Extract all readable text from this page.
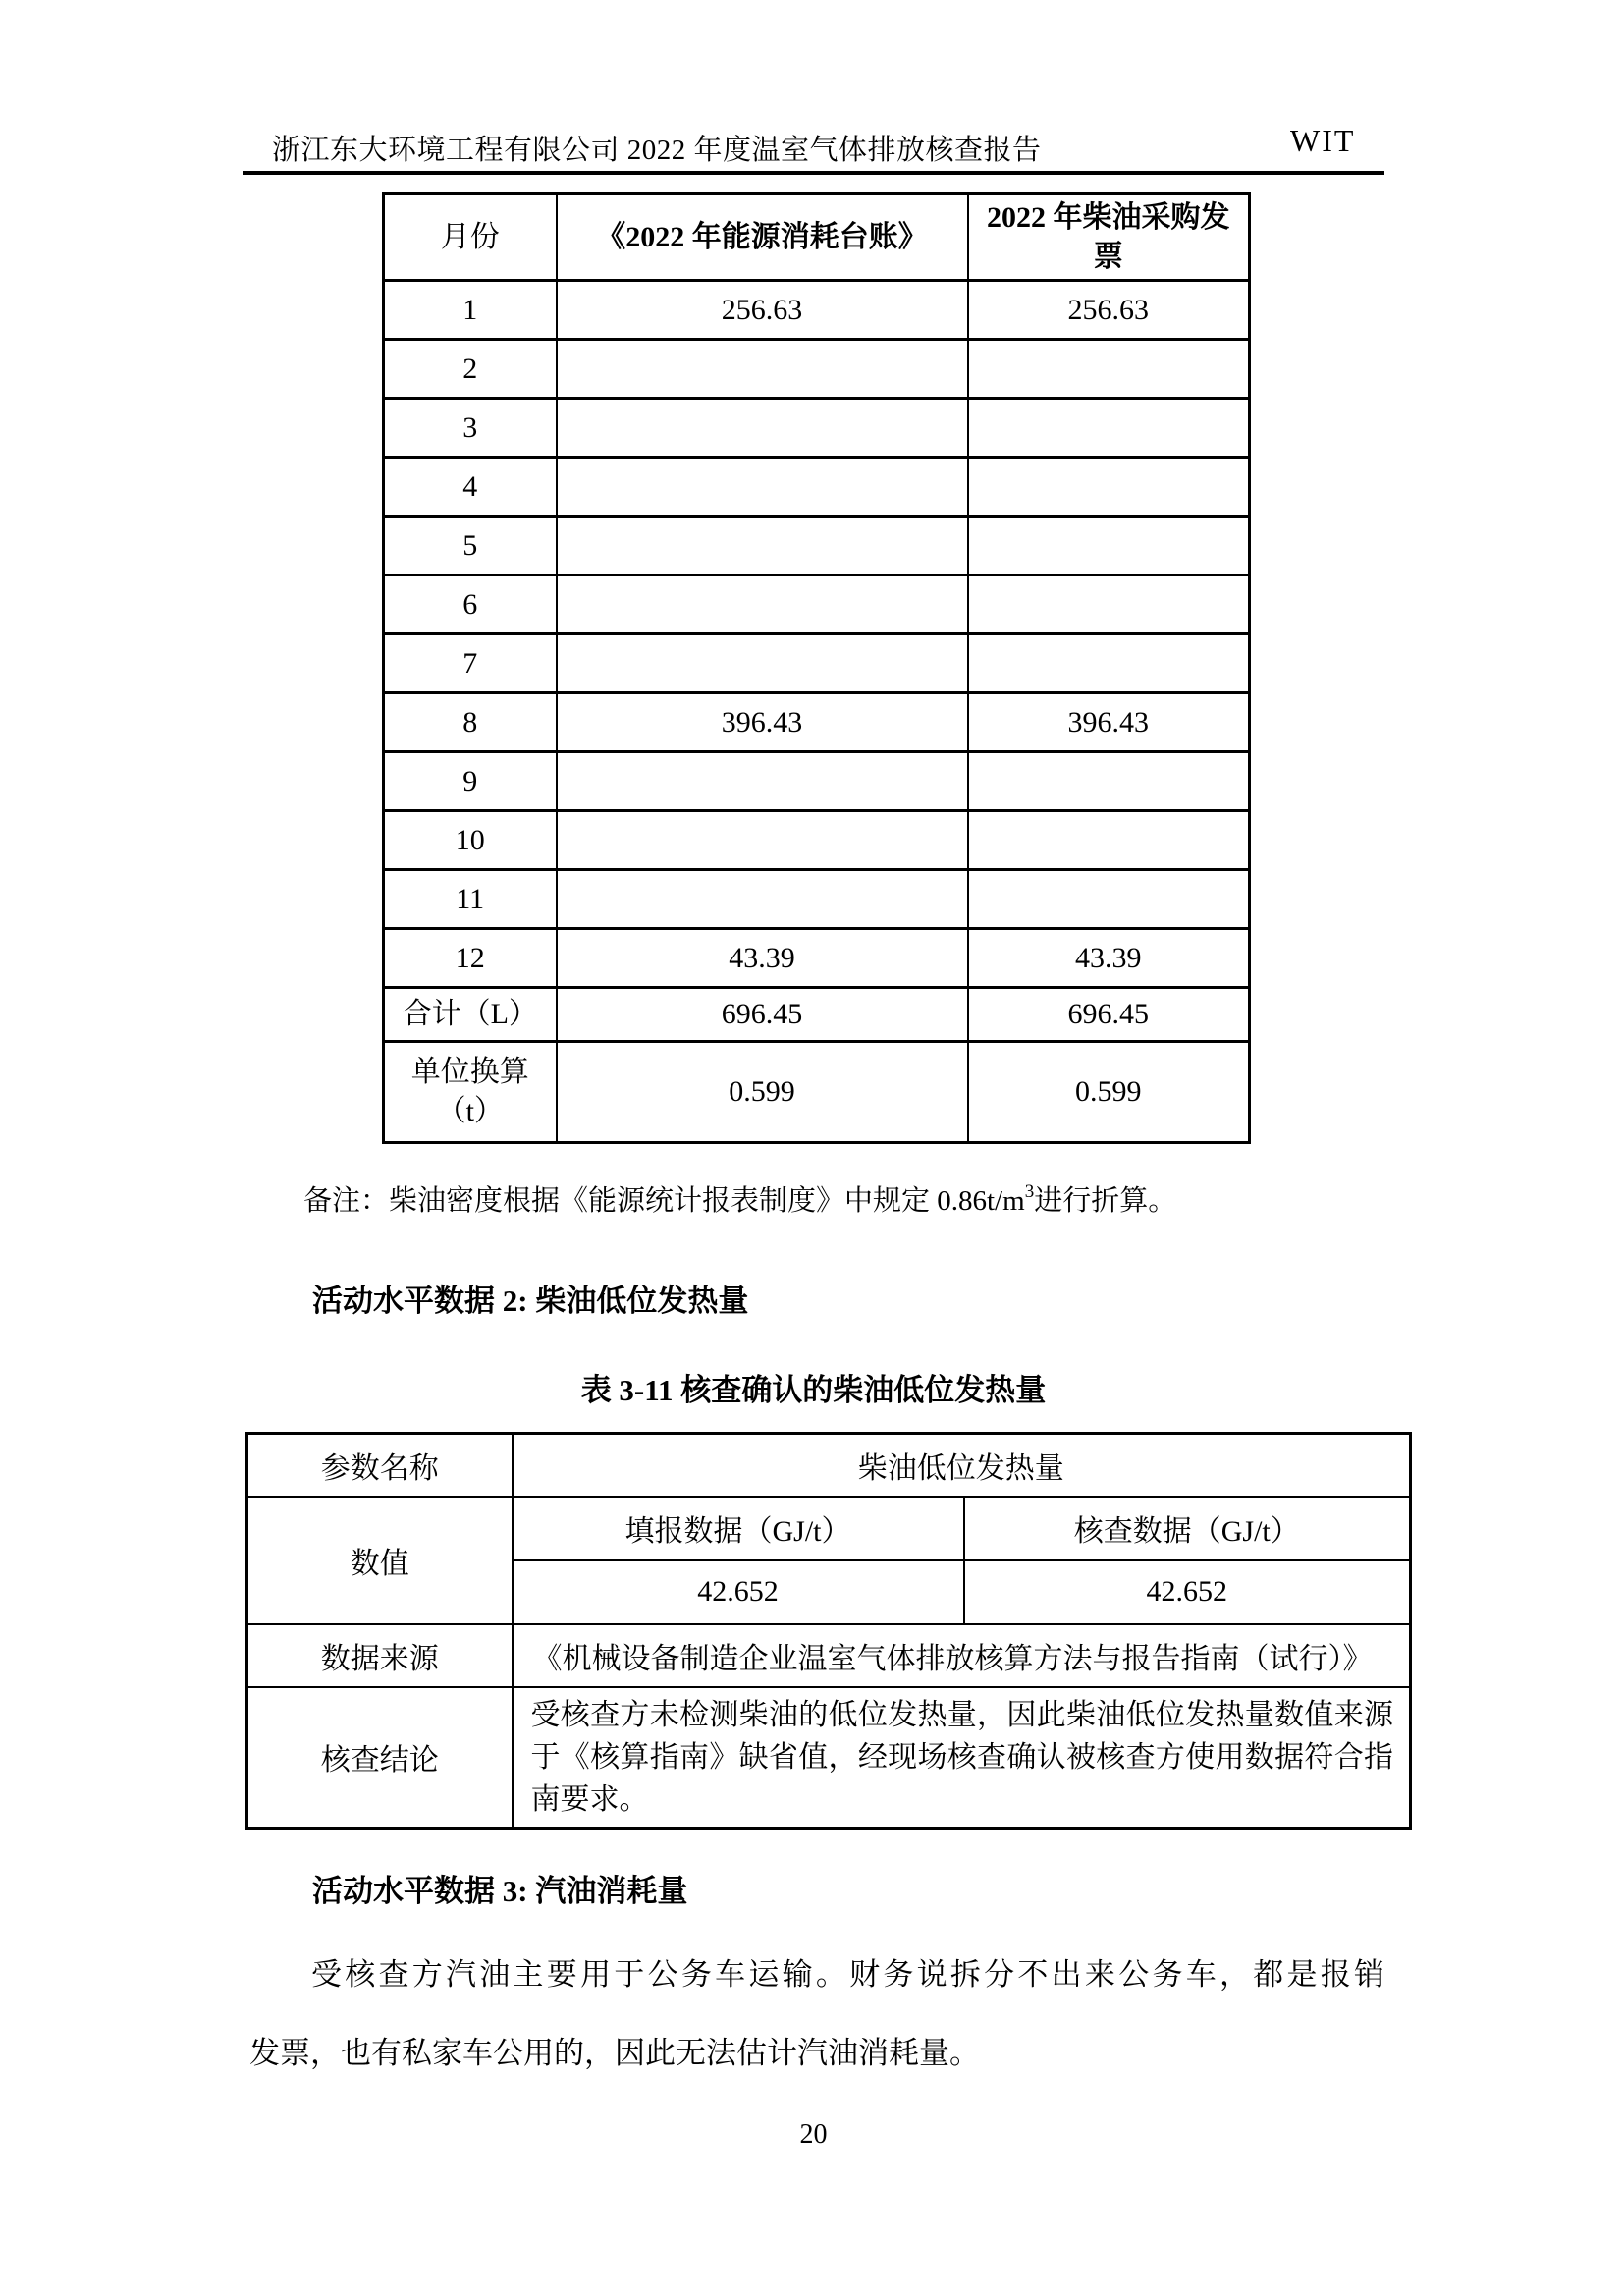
浙江东大环境工程有限公司 2022 年度温室气体排放核查报告	WIT
月份	《2022 年能源消耗台账》	2022 年柴油采购发票
1	256.63	256.63
2		
3		
4		
5		
6		
7		
8	396.43	396.43
9		
10		
11		
12	43.39	43.39
合计（L）	696.45	696.45

单位换算
（t）	0.599	0.599
备注：柴油密度根据《能源统计报表制度》中规定 $0.86t/m^3$进行折算。
活动水平数据 2: 柴油低位发热量
表 3-11 核查确认的柴油低位发热量
参数名称	柴油低位发热量	
数值	填报数据（GJ/t）	核查数据（GJ/t）
	42.652	42.652
数据来源	《机械设备制造企业温室气体排放核算方法与报告指南（试行）》	
核查结论	受核查方未检测柴油的低位发热量，因此柴油低位发热量数值来源于《核算指南》缺省值，经现场核查确认被核查方使用数据符合指南要求。	
活动水平数据 3: 汽油消耗量
受核查方汽油主要用于公务车运输。财务说拆分不出来公务车，都是报销
发票，也有私家车公用的，因此无法估计汽油消耗量。
20
